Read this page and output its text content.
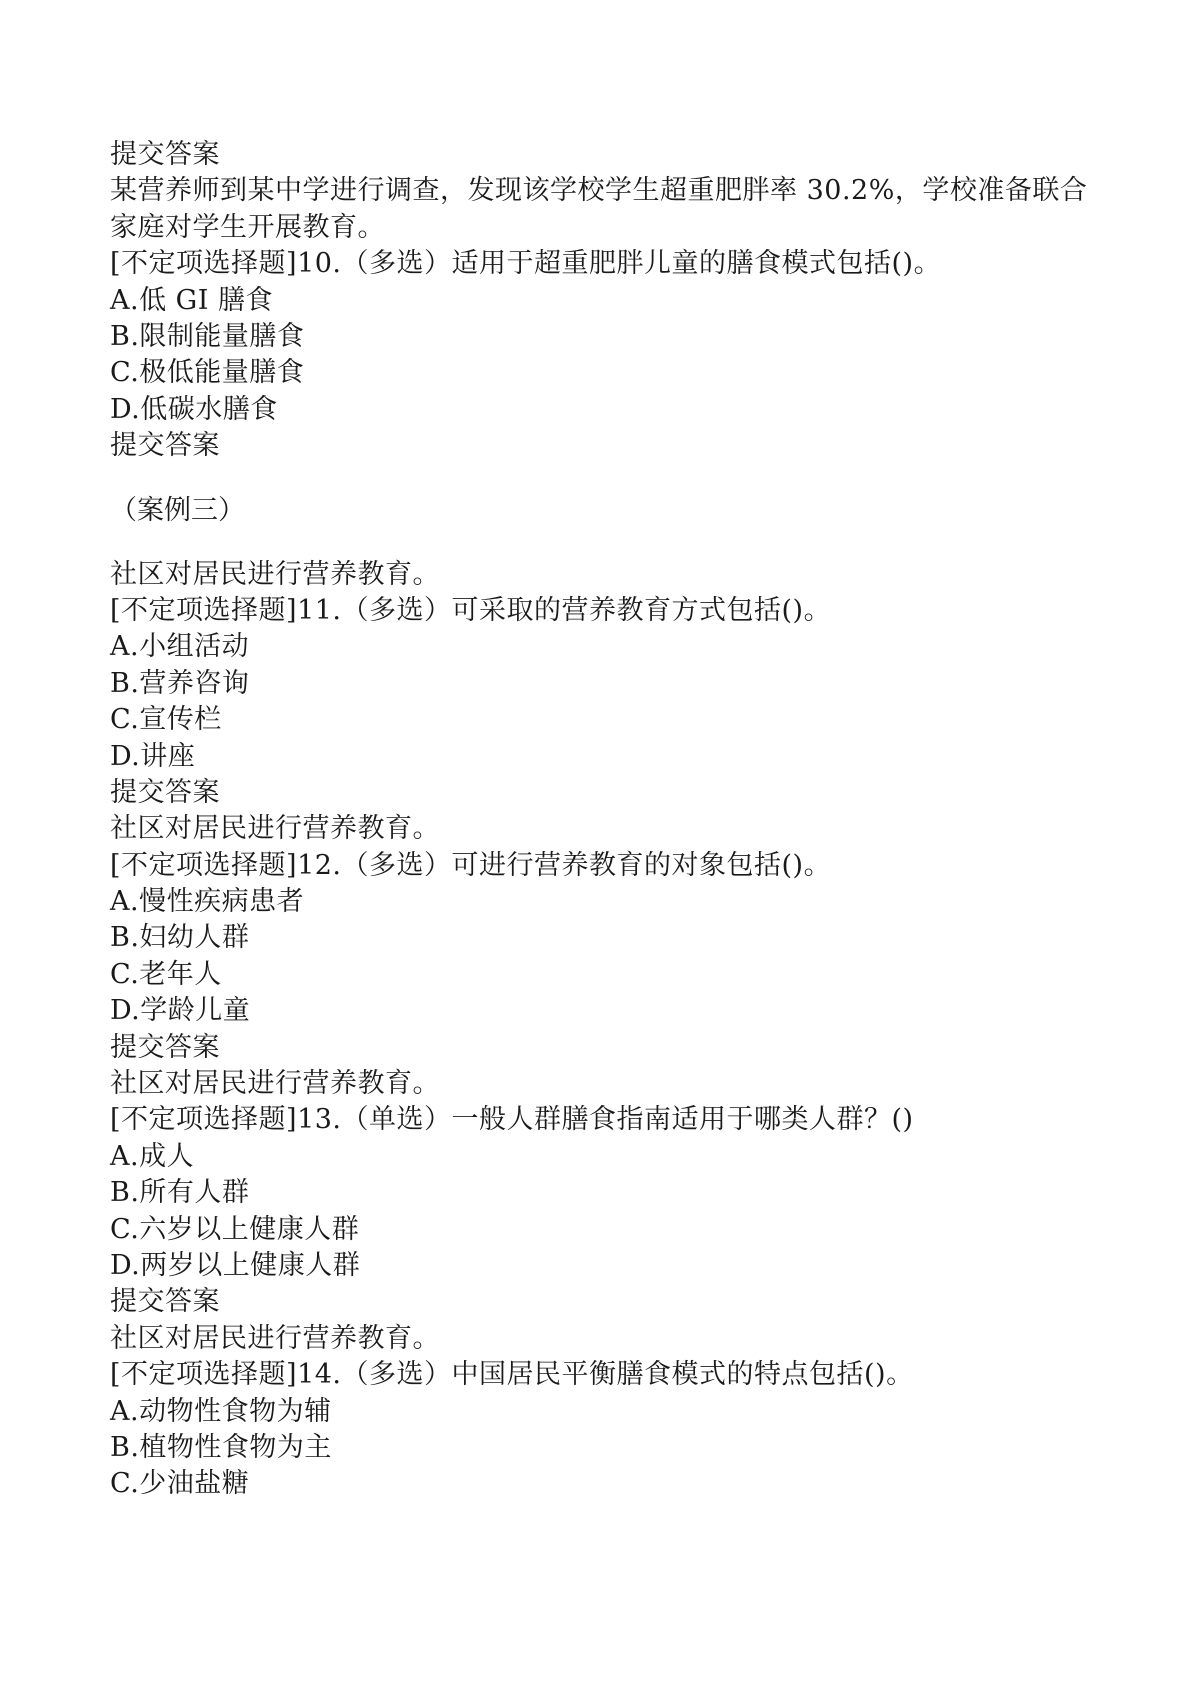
提交答案
某营养师到某中学进行调查，发现该学校学生超重肥胖率 30.2%，学校准备联合家庭对学生开展教育。
[不定项选择题]10.（多选）适用于超重肥胖儿童的膳食模式包括()。
A.低 GI 膳食
B.限制能量膳食
C.极低能量膳食
D.低碳水膳食
提交答案
（案例三）
社区对居民进行营养教育。
[不定项选择题]11.（多选）可采取的营养教育方式包括()。
A.小组活动
B.营养咨询
C.宣传栏
D.讲座
提交答案
社区对居民进行营养教育。
[不定项选择题]12.（多选）可进行营养教育的对象包括()。
A.慢性疾病患者
B.妇幼人群
C.老年人
D.学龄儿童
提交答案
社区对居民进行营养教育。
[不定项选择题]13.（单选）一般人群膳食指南适用于哪类人群？()
A.成人
B.所有人群
C.六岁以上健康人群
D.两岁以上健康人群
提交答案
社区对居民进行营养教育。
[不定项选择题]14.（多选）中国居民平衡膳食模式的特点包括()。
A.动物性食物为辅
B.植物性食物为主
C.少油盐糖
